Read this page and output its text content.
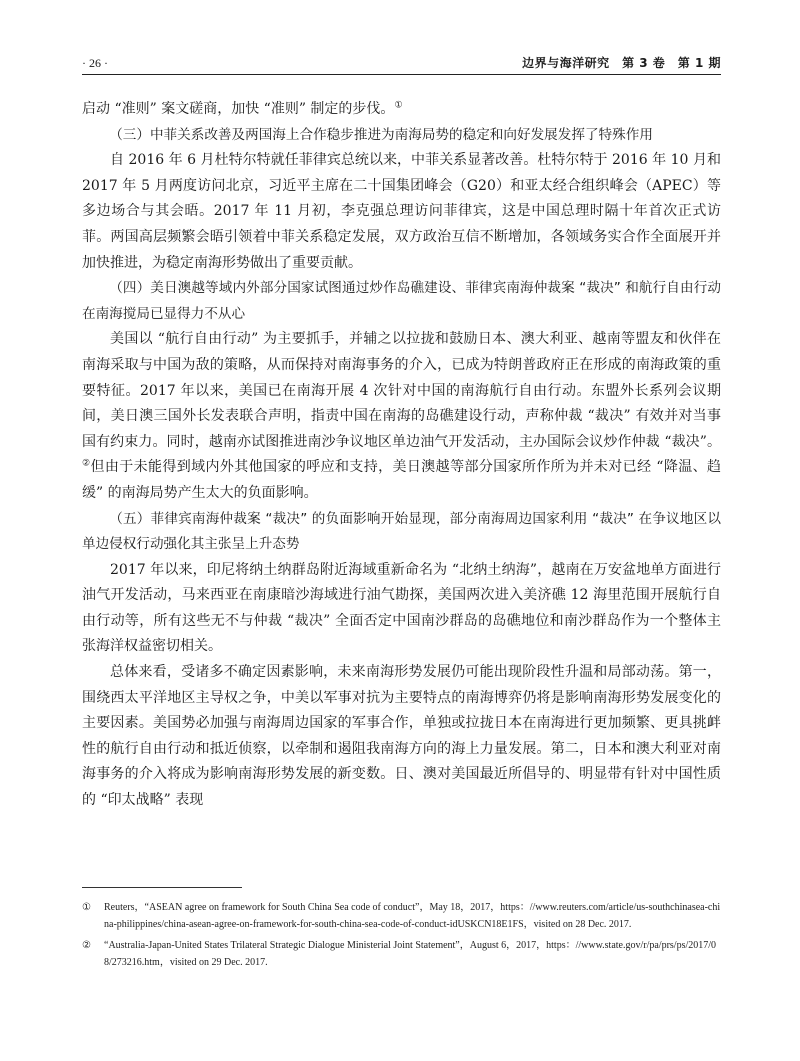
· 26 ·	边界与海洋研究　第 3 卷　第 1 期

启动 “准则” 案文磋商，加快 “准则” 制定的步伐。①

（三）中菲关系改善及两国海上合作稳步推进为南海局势的稳定和向好发展发挥了特殊作用

自 2016 年 6 月杜特尔特就任菲律宾总统以来，中菲关系显著改善。杜特尔特于 2016 年 10 月和 2017 年 5 月两度访问北京，习近平主席在二十国集团峰会（G20）和亚太经合组织峰会（APEC）等多边场合与其会晤。2017 年 11 月初，李克强总理访问菲律宾，这是中国总理时隔十年首次正式访菲。两国高层频繁会晤引领着中菲关系稳定发展，双方政治互信不断增加，各领域务实合作全面展开并加快推进，为稳定南海形势做出了重要贡献。

（四）美日澳越等域内外部分国家试图通过炒作岛礁建设、菲律宾南海仲裁案 “裁决” 和航行自由行动在南海搅局已显得力不从心

美国以 “航行自由行动” 为主要抓手，并辅之以拉拢和鼓励日本、澳大利亚、越南等盟友和伙伴在南海采取与中国为敌的策略，从而保持对南海事务的介入，已成为特朗普政府正在形成的南海政策的重要特征。2017 年以来，美国已在南海开展 4 次针对中国的南海航行自由行动。东盟外长系列会议期间，美日澳三国外长发表联合声明，指责中国在南海的岛礁建设行动，声称仲裁 “裁决” 有效并对当事国有约束力。同时，越南亦试图推进南沙争议地区单边油气开发活动，主办国际会议炒作仲裁 “裁决”。②但由于未能得到域内外其他国家的呼应和支持，美日澳越等部分国家所作所为并未对已经 “降温、趋缓” 的南海局势产生太大的负面影响。

（五）菲律宾南海仲裁案 “裁决” 的负面影响开始显现，部分南海周边国家利用 “裁决” 在争议地区以单边侵权行动强化其主张呈上升态势

2017 年以来，印尼将纳土纳群岛附近海域重新命名为 “北纳土纳海”，越南在万安盆地单方面进行油气开发活动，马来西亚在南康暗沙海域进行油气勘探，美国两次进入美济礁 12 海里范围开展航行自由行动等，所有这些无不与仲裁 “裁决” 全面否定中国南沙群岛的岛礁地位和南沙群岛作为一个整体主张海洋权益密切相关。

总体来看，受诸多不确定因素影响，未来南海形势发展仍可能出现阶段性升温和局部动荡。第一，围绕西太平洋地区主导权之争，中美以军事对抗为主要特点的南海博弈仍将是影响南海形势发展变化的主要因素。美国势必加强与南海周边国家的军事合作，单独或拉拢日本在南海进行更加频繁、更具挑衅性的航行自由行动和抵近侦察，以牵制和遏阻我南海方向的海上力量发展。第二，日本和澳大利亚对南海事务的介入将成为影响南海形势发展的新变数。日、澳对美国最近所倡导的、明显带有针对中国性质的 “印太战略” 表现

①	Reuters，“ASEAN agree on framework for South China Sea code of conduct”，May 18，2017，https：//www.reuters.com/article/us-southchinasea-china-philippines/china-asean-agree-on-framework-for-south-china-sea-code-of-conduct-idUSKCN18E1FS，visited on 28 Dec. 2017.
②	“Australia-Japan-United States Trilateral Strategic Dialogue Ministerial Joint Statement”，August 6，2017，https：//www.state.gov/r/pa/prs/ps/2017/08/273216.htm，visited on 29 Dec. 2017.
